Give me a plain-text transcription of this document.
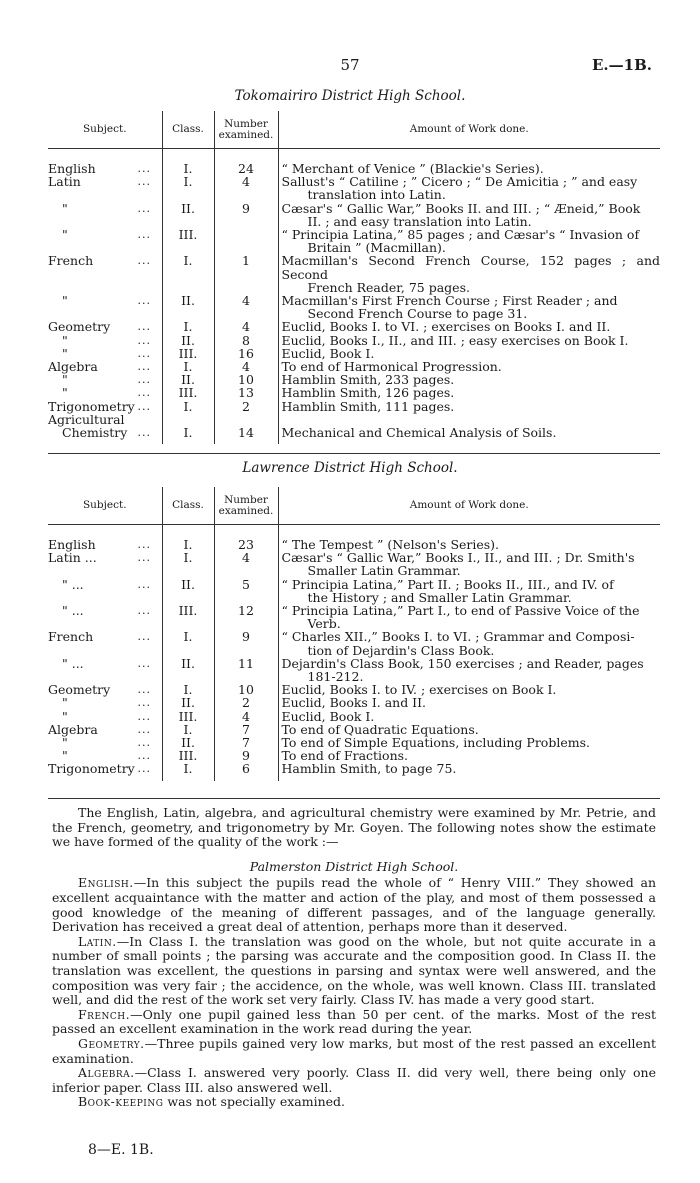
57	E.—1B.
Tokomairiro District High School.
Subject.	Class.	Number examined.	Amount of Work done.

English ...	I.	24	“ Merchant of Venice ” (Blackie's Series).

Latin ...	I.	4	Sallust's “ Catiline ; ” Cicero ; “ De Amicitia ; ” and easy
translation into Latin.

" ...	II.	9	Cæsar's “ Gallic War,” Books II. and III. ; “ Æneid,” Book
II. ; and easy translation into Latin.

" ...	III.		“ Principia Latina,” 85 pages ; and Cæsar's “ Invasion of
Britain ” (Macmillan).

French ...	I.	1	Macmillan's Second French Course, 152 pages ; and Second
French Reader, 75 pages.

" ...	II.	4	Macmillan's First French Course ; First Reader ; and
Second French Course to page 31.

Geometry ...	I.	4	Euclid, Books I. to VI. ; exercises on Books I. and II.

" ...	II.	8	Euclid, Books I., II., and III. ; easy exercises on Book I.

" ...	III.	16	Euclid, Book I.

Algebra ...	I.	4	To end of Harmonical Progression.

" ...	II.	10	Hamblin Smith, 233 pages.

" ...	III.	13	Hamblin Smith, 126 pages.

Trigonometry ...	I.	2	Hamblin Smith, 111 pages.

Agricultural
Chemistry ...	I.	14	Mechanical and Chemical Analysis of Soils.

Lawrence District High School.
Subject.	Class.	Number examined.	Amount of Work done.

English ...	I.	23	“ The Tempest ” (Nelson's Series).

Latin ... ...	I.	4	Cæsar's “ Gallic War,” Books I., II., and III. ; Dr. Smith's
Smaller Latin Grammar.

" ... ...	II.	5	“ Principia Latina,” Part II. ; Books II., III., and IV. of
the History ; and Smaller Latin Grammar.

" ... ...	III.	12	“ Principia Latina,” Part I., to end of Passive Voice of the
Verb.

French ...	I.	9	“ Charles XII.,” Books I. to VI. ; Grammar and Composi-
tion of Dejardin's Class Book.

" ... ...	II.	11	Dejardin's Class Book, 150 exercises ; and Reader, pages
181-212.

Geometry ...	I.	10	Euclid, Books I. to IV. ; exercises on Book I.

" ...	II.	2	Euclid, Books I. and II.

" ...	III.	4	Euclid, Book I.

Algebra ...	I.	7	To end of Quadratic Equations.

" ...	II.	7	To end of Simple Equations, including Problems.

" ...	III.	9	To end of Fractions.

Trigonometry ...	I.	6	Hamblin Smith, to page 75.

The English, Latin, algebra, and agricultural chemistry were examined by Mr. Petrie, and the French, geometry, and trigonometry by Mr. Goyen. The following notes show the estimate we have formed of the quality of the work :—

Palmerston District High School.

English.—In this subject the pupils read the whole of “ Henry VIII.” They showed an excellent acquaintance with the matter and action of the play, and most of them possessed a good knowledge of the meaning of different passages, and of the language generally. Derivation has received a great deal of attention, perhaps more than it deserved.

Latin.—In Class I. the translation was good on the whole, but not quite accurate in a number of small points ; the parsing was accurate and the composition good. In Class II. the translation was excellent, the questions in parsing and syntax were well answered, and the composition was very fair ; the accidence, on the whole, was well known. Class III. translated well, and did the rest of the work set very fairly. Class IV. has made a very good start.

French.—Only one pupil gained less than 50 per cent. of the marks. Most of the rest passed an excellent examination in the work read during the year.

Geometry.—Three pupils gained very low marks, but most of the rest passed an excellent examination.

Algebra.—Class I. answered very poorly. Class II. did very well, there being only one inferior paper. Class III. also answered well.

Book-keeping was not specially examined.

8—E. 1B.
